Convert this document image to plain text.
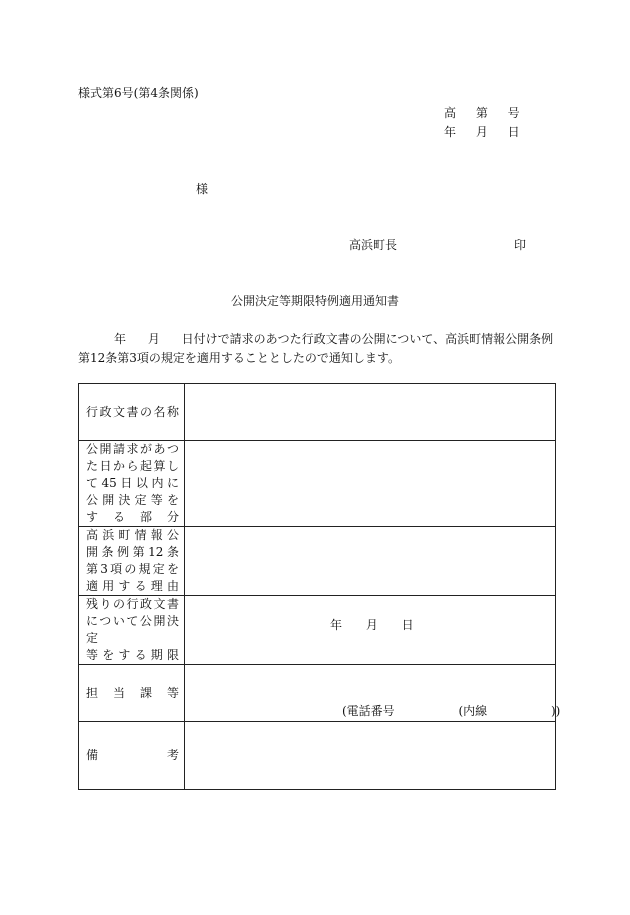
様式第6号(第4条関係)
高 第 号
年 月 日
様
高浜町長	印
公開決定等期限特例適用通知書
年 月 日付けで請求のあつた行政文書の公開について、高浜町情報公開条例
第12条第3項の規定を適用することとしたので通知します。
行政文書の名称	

公開請求があつ
た日から起算し
て45日以内に
公開決定等を
する部分	

高浜町情報公
開条例第12条
第3項の規定を
適用する理由	

残りの行政文書
について公開決定
等をする期限	年 月 日

担当課等	(電話番号 (内線 ))

備考	
